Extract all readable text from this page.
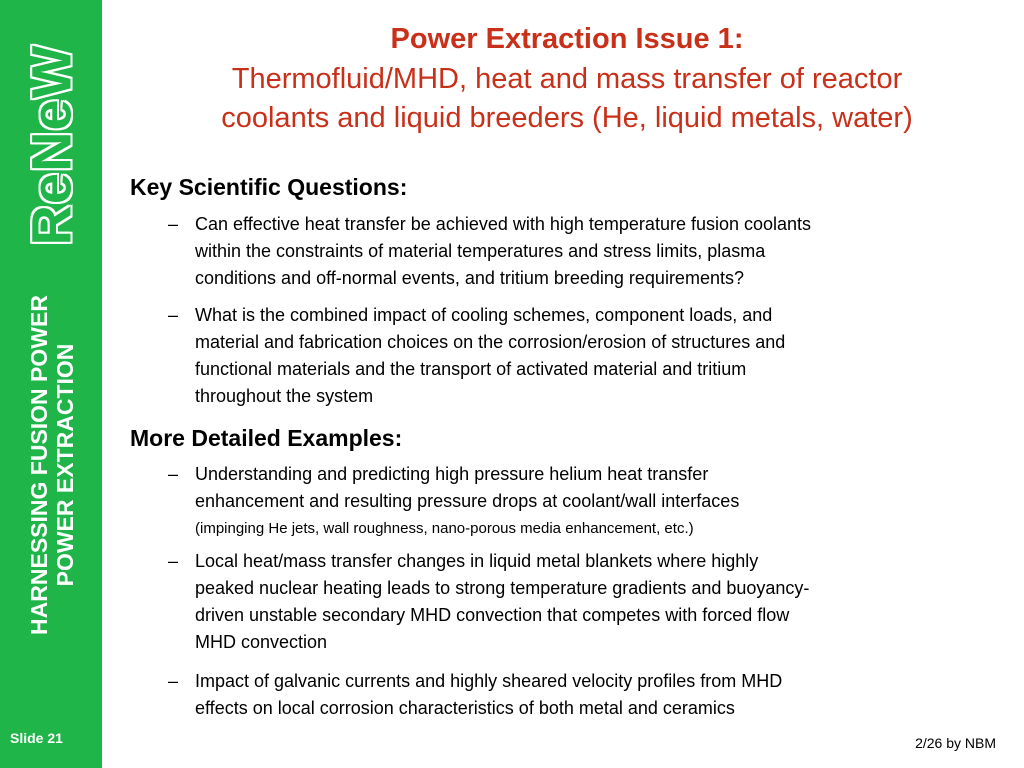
ReNeW
HARNESSING FUSION POWER POWER EXTRACTION
Slide 21
Power Extraction Issue 1:
Thermofluid/MHD, heat and mass transfer of reactor
coolants and liquid breeders (He, liquid metals, water)
Key Scientific Questions:
– Can effective heat transfer be achieved with high temperature fusion coolants
within the constraints of material temperatures and stress limits, plasma
conditions and off-normal events, and tritium breeding requirements?
– What is the combined impact of cooling schemes, component loads, and
material and fabrication choices on the corrosion/erosion of structures and
functional materials and the transport of activated material and tritium
throughout the system
More Detailed Examples:
– Understanding and predicting high pressure helium heat transfer
enhancement and resulting pressure drops at coolant/wall interfaces
(impinging He jets, wall roughness, nano-porous media enhancement, etc.)
– Local heat/mass transfer changes in liquid metal blankets where highly
peaked nuclear heating leads to strong temperature gradients and buoyancy-
driven unstable secondary MHD convection that competes with forced flow
MHD convection
– Impact of galvanic currents and highly sheared velocity profiles from MHD
effects on local corrosion characteristics of both metal and ceramics
2/26 by NBM
